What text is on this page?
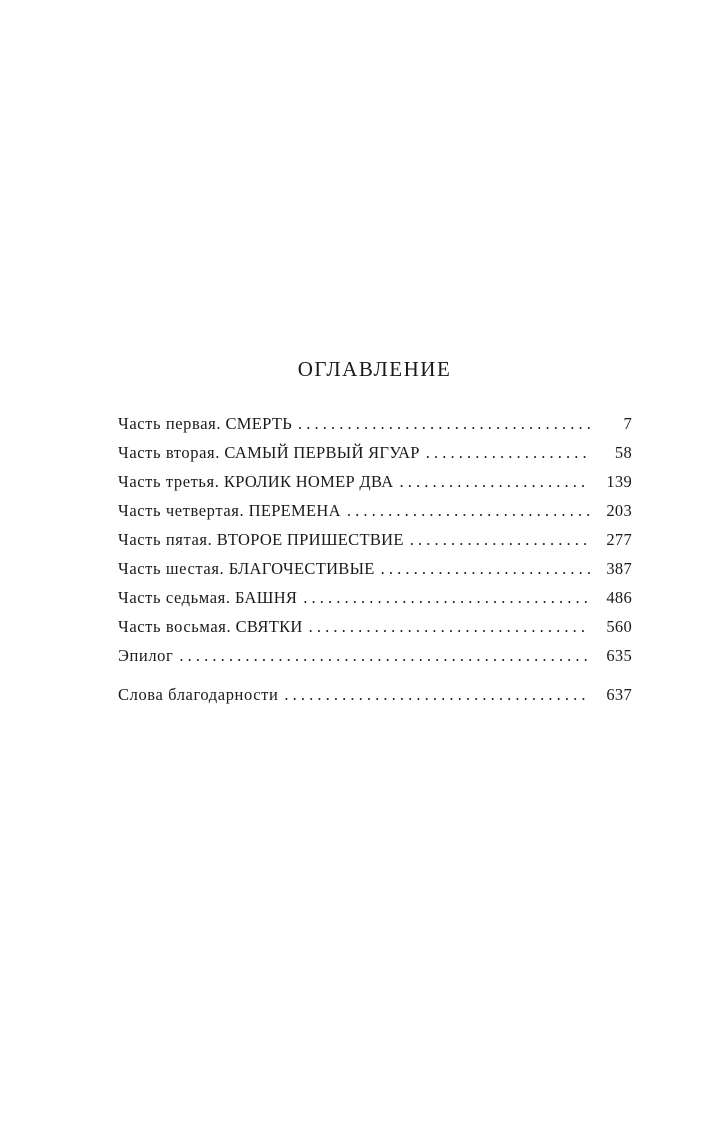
ОГЛАВЛЕНИЕ
Часть первая. СМЕРТЬ . . .	7
Часть вторая. САМЫЙ ПЕРВЫЙ ЯГУАР . . .	58
Часть третья. КРОЛИК НОМЕР ДВА . . .	139
Часть четвертая. ПЕРЕМЕНА . . .	203
Часть пятая. ВТОРОЕ ПРИШЕСТВИЕ . . .	277
Часть шестая. БЛАГОЧЕСТИВЫЕ . . .	387
Часть седьмая. БАШНЯ . . .	486
Часть восьмая. СВЯТКИ . . .	560
Эпилог . . .	635
Слова благодарности . . .	637
